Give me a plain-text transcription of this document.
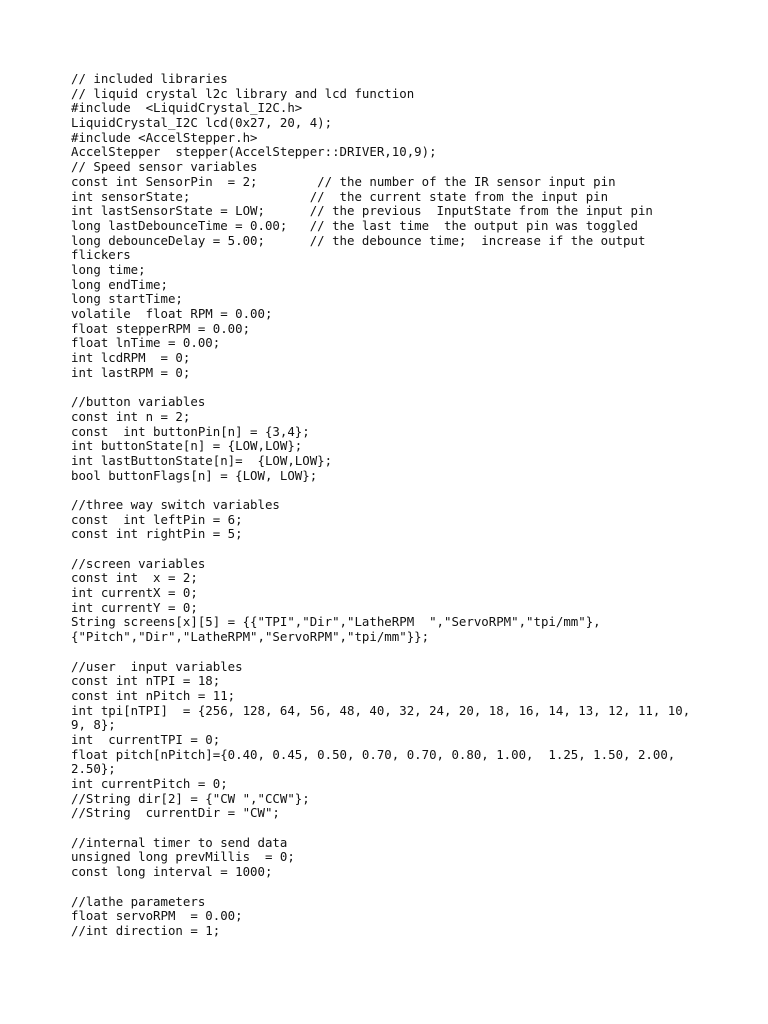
// included libraries
// liquid crystal l2c library and lcd function
#include  <LiquidCrystal_I2C.h>
LiquidCrystal_I2C lcd(0x27, 20, 4);
#include <AccelStepper.h>
AccelStepper  stepper(AccelStepper::DRIVER,10,9);
// Speed sensor variables
const int SensorPin  = 2;        // the number of the IR sensor input pin
int sensorState;                //  the current state from the input pin
int lastSensorState = LOW;      // the previous  InputState from the input pin
long lastDebounceTime = 0.00;   // the last time  the output pin was toggled
long debounceDelay = 5.00;      // the debounce time;  increase if the output
flickers
long time;
long endTime;
long startTime;
volatile  float RPM = 0.00;
float stepperRPM = 0.00;
float lnTime = 0.00;
int lcdRPM  = 0;
int lastRPM = 0;
//button variables
const int n = 2;
const  int buttonPin[n] = {3,4};
int buttonState[n] = {LOW,LOW};
int lastButtonState[n]=  {LOW,LOW};
bool buttonFlags[n] = {LOW, LOW};
//three way switch variables
const  int leftPin = 6;
const int rightPin = 5;
//screen variables
const int  x = 2;
int currentX = 0;
int currentY = 0;
String screens[x][5] = {{"TPI","Dir","LatheRPM  ","ServoRPM","tpi/mm"},
{"Pitch","Dir","LatheRPM","ServoRPM","tpi/mm"}};
//user  input variables
const int nTPI = 18;
const int nPitch = 11;
int tpi[nTPI]  = {256, 128, 64, 56, 48, 40, 32, 24, 20, 18, 16, 14, 13, 12, 11, 10,
9, 8};
int  currentTPI = 0;
float pitch[nPitch]={0.40, 0.45, 0.50, 0.70, 0.70, 0.80, 1.00,  1.25, 1.50, 2.00,
2.50};
int currentPitch = 0;
//String dir[2] = {"CW ","CCW"};
//String  currentDir = "CW";
//internal timer to send data
unsigned long prevMillis  = 0;
const long interval = 1000;
//lathe parameters
float servoRPM  = 0.00;
//int direction = 1;
